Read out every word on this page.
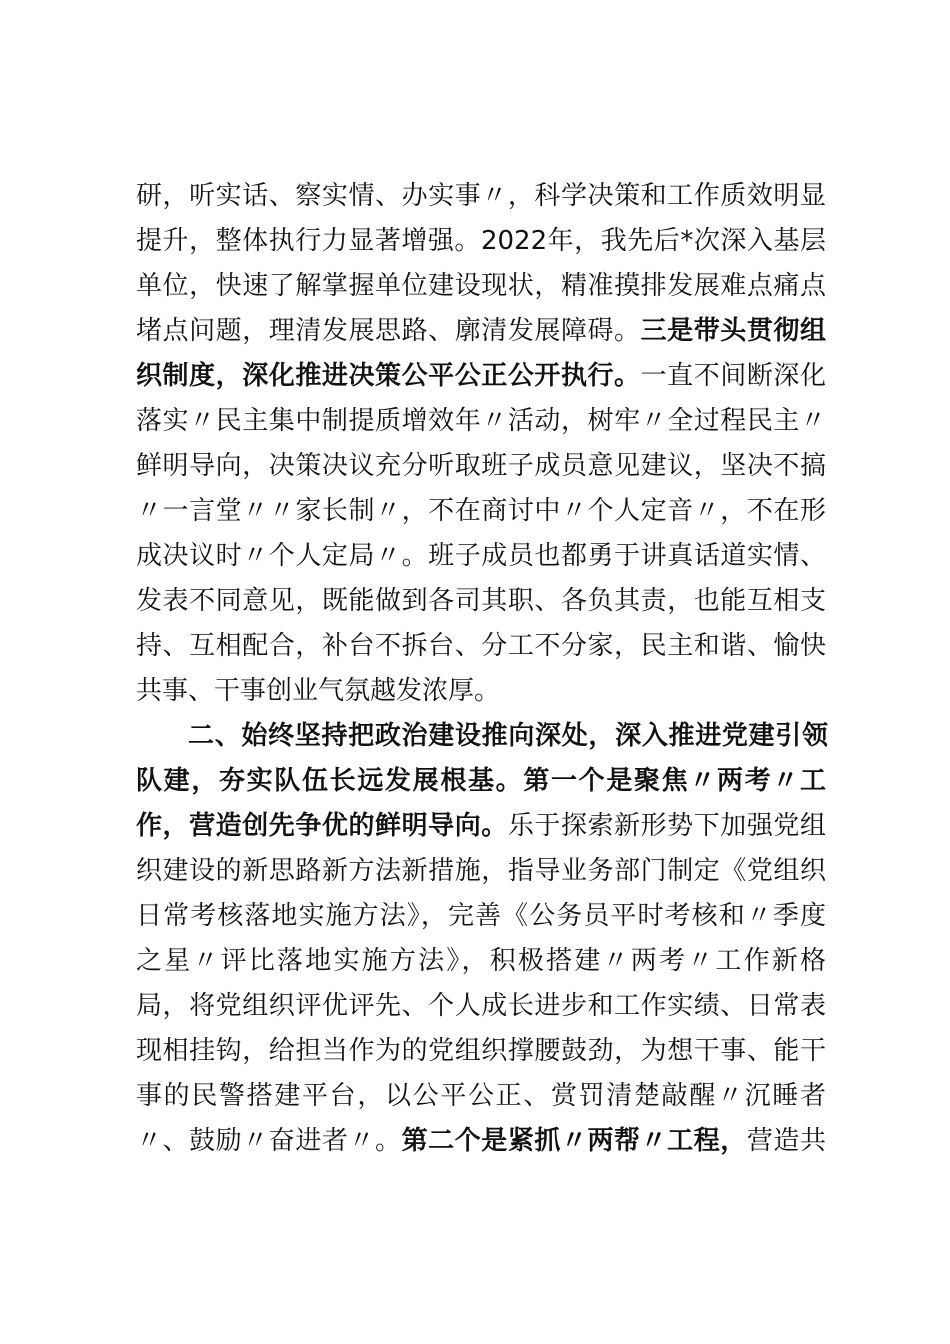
研，听实话、察实情、办实事〃，科学决策和工作质效明显
提升，整体执行力显著增强。2022年，我先后*次深入基层
单位，快速了解掌握单位建设现状，精准摸排发展难点痛点
堵点问题，理清发展思路、廓清发展障碍。三是带头贯彻组
织制度，深化推进决策公平公正公开执行。一直不间断深化
落实〃民主集中制提质增效年〃活动，树牢〃全过程民主〃
鲜明导向，决策决议充分听取班子成员意见建议，坚决不搞
〃一言堂〃〃家长制〃，不在商讨中〃个人定音〃，不在形
成决议时〃个人定局〃。班子成员也都勇于讲真话道实情、
发表不同意见，既能做到各司其职、各负其责，也能互相支
持、互相配合，补台不拆台、分工不分家，民主和谐、愉快
共事、干事创业气氛越发浓厚。
二、始终坚持把政治建设推向深处，深入推进党建引领
队建，夯实队伍长远发展根基。第一个是聚焦〃两考〃工
作，营造创先争优的鲜明导向。乐于探索新形势下加强党组
织建设的新思路新方法新措施，指导业务部门制定《党组织
日常考核落地实施方法》，完善《公务员平时考核和〃季度
之星〃评比落地实施方法》，积极搭建〃两考〃工作新格
局，将党组织评优评先、个人成长进步和工作实绩、日常表
现相挂钩，给担当作为的党组织撑腰鼓劲，为想干事、能干
事的民警搭建平台，以公平公正、赏罚清楚敲醒〃沉睡者
〃、鼓励〃奋进者〃。第二个是紧抓〃两帮〃工程，营造共
